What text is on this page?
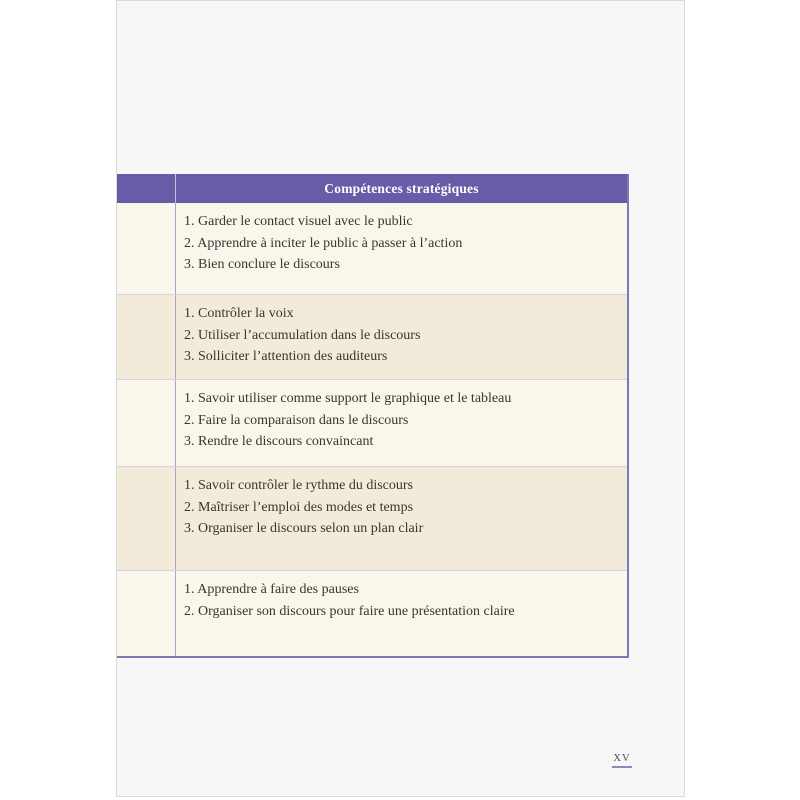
Compétences stratégiques
1. Garder le contact visuel avec le public
2. Apprendre à inciter le public à passer à l’action
3. Bien conclure le discours
1. Contrôler la voix
2. Utiliser l’accumulation dans le discours
3. Solliciter l’attention des auditeurs
1. Savoir utiliser comme support le graphique et le tableau
2. Faire la comparaison dans le discours
3. Rendre le discours convaincant
1. Savoir contrôler le rythme du discours
2. Maîtriser l’emploi des modes et temps
3. Organiser le discours selon un plan clair
1. Apprendre à faire des pauses
2. Organiser son discours pour faire une présentation claire
XV
